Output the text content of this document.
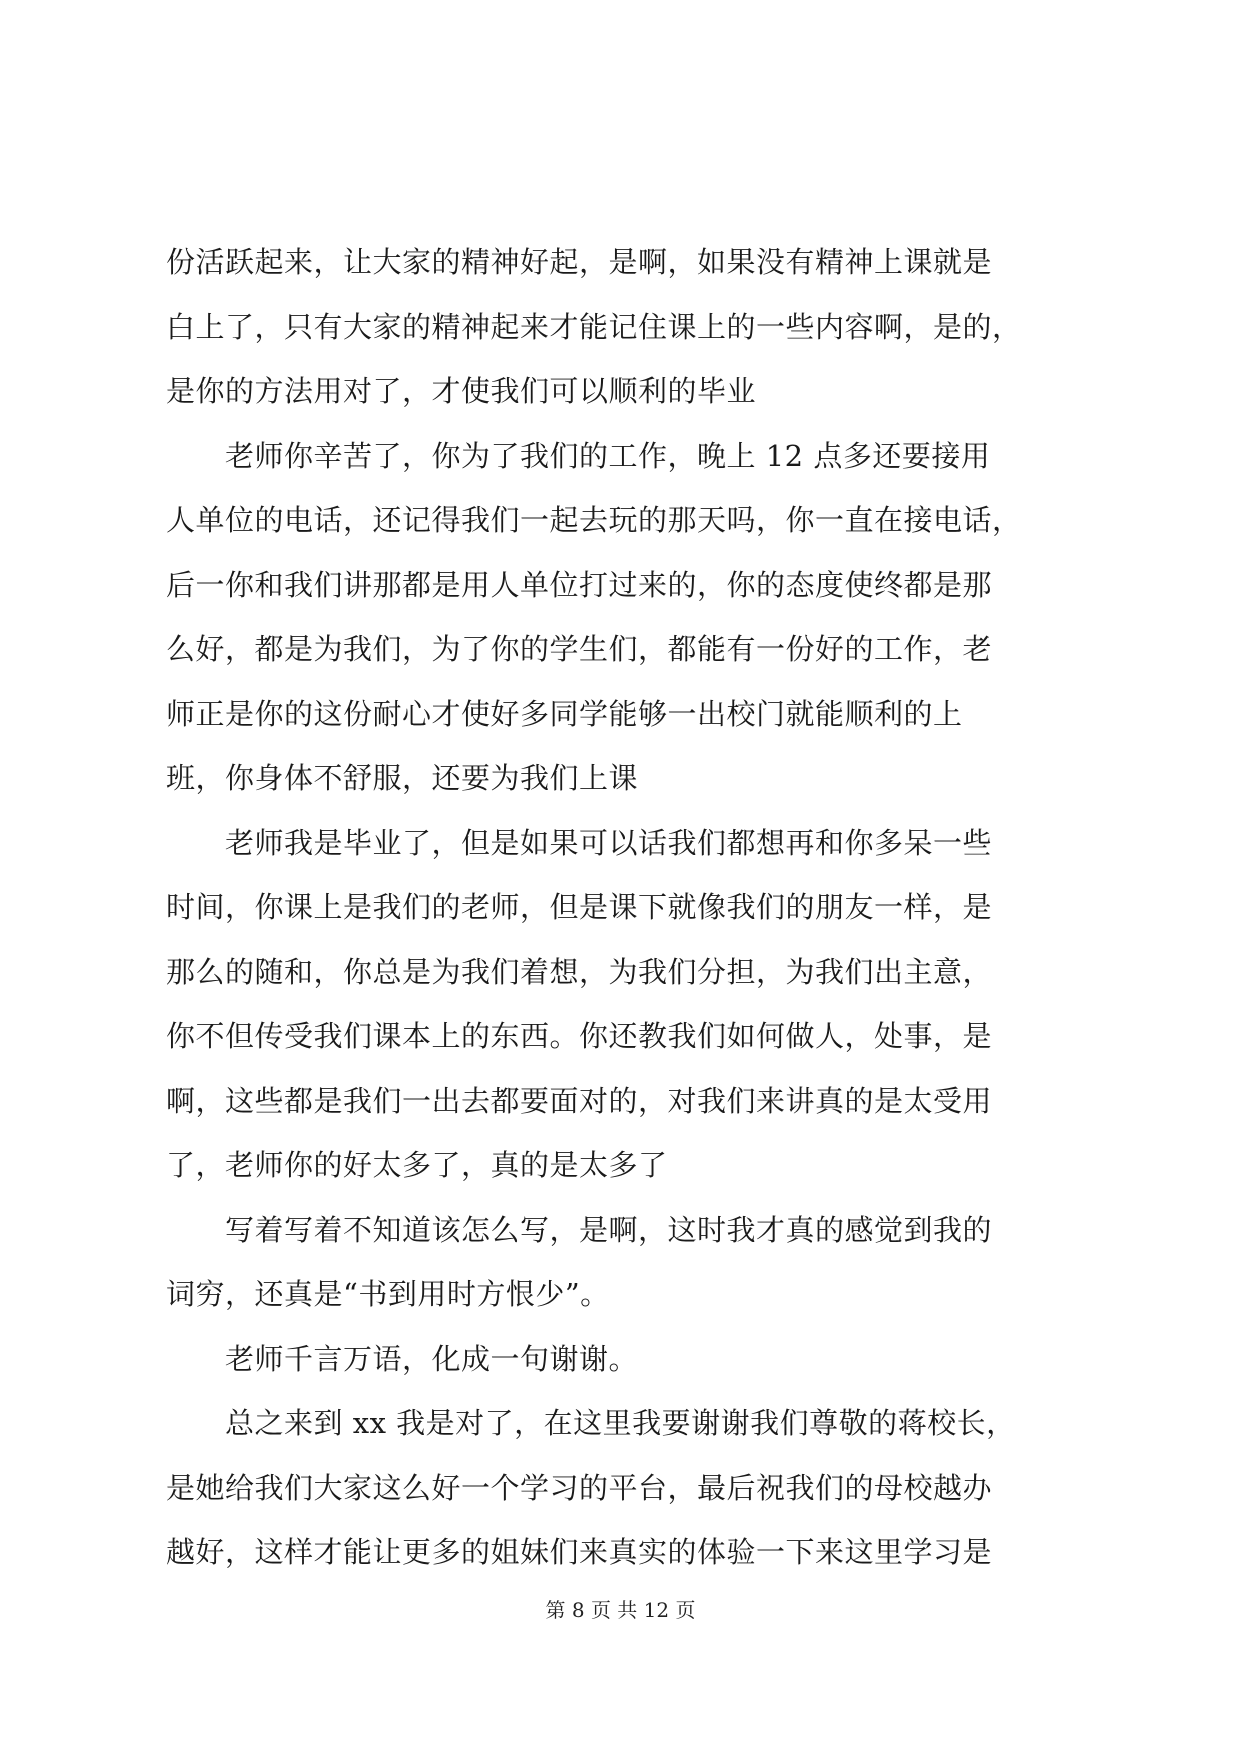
份活跃起来，让大家的精神好起，是啊，如果没有精神上课就是
白上了，只有大家的精神起来才能记住课上的一些内容啊，是的，
是你的方法用对了，才使我们可以顺利的毕业
　　老师你辛苦了，你为了我们的工作，晚上 12 点多还要接用
人单位的电话，还记得我们一起去玩的那天吗，你一直在接电话，
后一你和我们讲那都是用人单位打过来的，你的态度使终都是那
么好，都是为我们，为了你的学生们，都能有一份好的工作，老
师正是你的这份耐心才使好多同学能够一出校门就能顺利的上
班，你身体不舒服，还要为我们上课
　　老师我是毕业了，但是如果可以话我们都想再和你多呆一些
时间，你课上是我们的老师，但是课下就像我们的朋友一样，是
那么的随和，你总是为我们着想，为我们分担，为我们出主意，
你不但传受我们课本上的东西。你还教我们如何做人，处事，是
啊，这些都是我们一出去都要面对的，对我们来讲真的是太受用
了，老师你的好太多了，真的是太多了
　　写着写着不知道该怎么写，是啊，这时我才真的感觉到我的
词穷，还真是“书到用时方恨少”。
　　老师千言万语，化成一句谢谢。
　　总之来到 xx 我是对了，在这里我要谢谢我们尊敬的蒋校长，
是她给我们大家这么好一个学习的平台，最后祝我们的母校越办
越好，这样才能让更多的姐妹们来真实的体验一下来这里学习是
第 8 页 共 12 页
